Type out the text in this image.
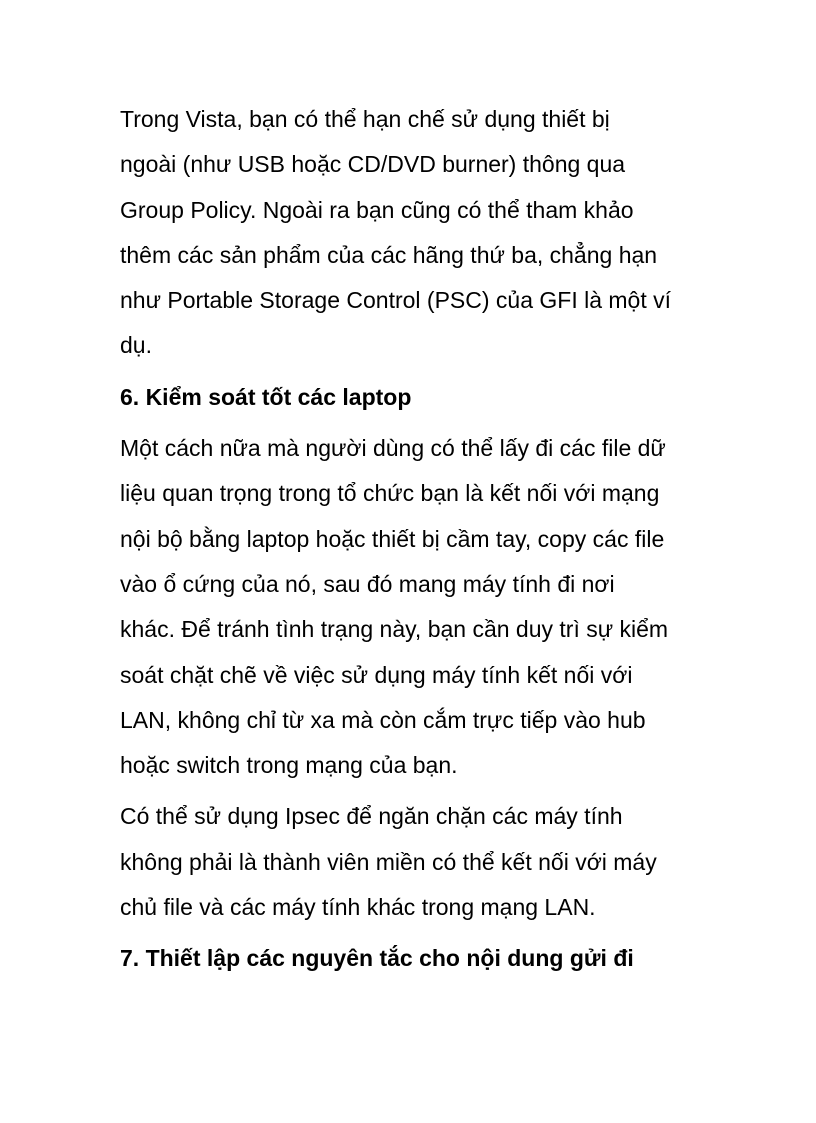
Trong Vista, bạn có thể hạn chế sử dụng thiết bị
ngoài (như USB hoặc CD/DVD burner) thông qua
Group Policy. Ngoài ra bạn cũng có thể tham khảo
thêm các sản phẩm của các hãng thứ ba, chẳng hạn
như Portable Storage Control (PSC) của GFI là một ví
dụ.
6. Kiểm soát tốt các laptop
Một cách nữa mà người dùng có thể lấy đi các file dữ
liệu quan trọng trong tổ chức bạn là kết nối với mạng
nội bộ bằng laptop hoặc thiết bị cầm tay, copy các file
vào ổ cứng của nó, sau đó mang máy tính đi nơi
khác. Để tránh tình trạng này, bạn cần duy trì sự kiểm
soát chặt chẽ về việc sử dụng máy tính kết nối với
LAN, không chỉ từ xa mà còn cắm trực tiếp vào hub
hoặc switch trong mạng của bạn.
Có thể sử dụng Ipsec để ngăn chặn các máy tính
không phải là thành viên miền có thể kết nối với máy
chủ file và các máy tính khác trong mạng LAN.
7. Thiết lập các nguyên tắc cho nội dung gửi đi
